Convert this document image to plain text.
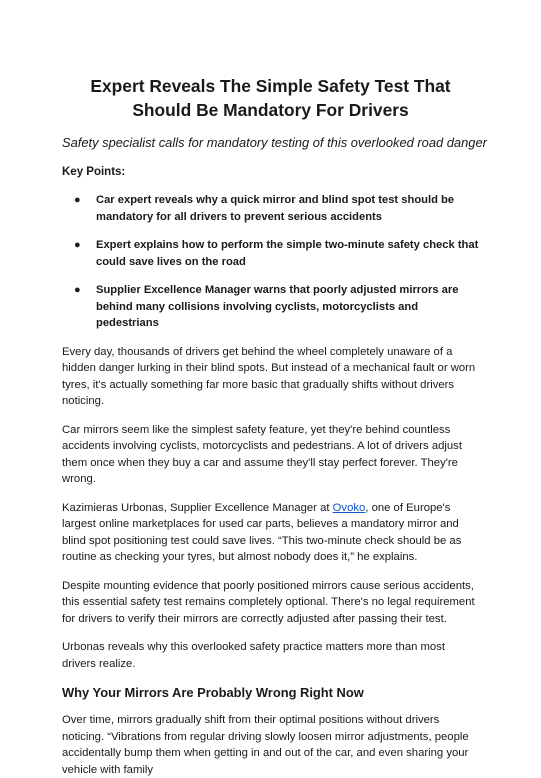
Expert Reveals The Simple Safety Test That Should Be Mandatory For Drivers

Safety specialist calls for mandatory testing of this overlooked road danger

Key Points:

● Car expert reveals why a quick mirror and blind spot test should be mandatory for all drivers to prevent serious accidents
● Expert explains how to perform the simple two-minute safety check that could save lives on the road
● Supplier Excellence Manager warns that poorly adjusted mirrors are behind many collisions involving cyclists, motorcyclists and pedestrians

Every day, thousands of drivers get behind the wheel completely unaware of a hidden danger lurking in their blind spots. But instead of a mechanical fault or worn tyres, it's actually something far more basic that gradually shifts without drivers noticing.

Car mirrors seem like the simplest safety feature, yet they're behind countless accidents involving cyclists, motorcyclists and pedestrians. A lot of drivers adjust them once when they buy a car and assume they'll stay perfect forever. They're wrong.

Kazimieras Urbonas, Supplier Excellence Manager at Ovoko, one of Europe's largest online marketplaces for used car parts, believes a mandatory mirror and blind spot positioning test could save lives. “This two-minute check should be as routine as checking your tyres, but almost nobody does it,” he explains.

Despite mounting evidence that poorly positioned mirrors cause serious accidents, this essential safety test remains completely optional. There's no legal requirement for drivers to verify their mirrors are correctly adjusted after passing their test.

Urbonas reveals why this overlooked safety practice matters more than most drivers realize.

Why Your Mirrors Are Probably Wrong Right Now

Over time, mirrors gradually shift from their optimal positions without drivers noticing. “Vibrations from regular driving slowly loosen mirror adjustments, people accidentally bump them when getting in and out of the car, and even sharing your vehicle with family
